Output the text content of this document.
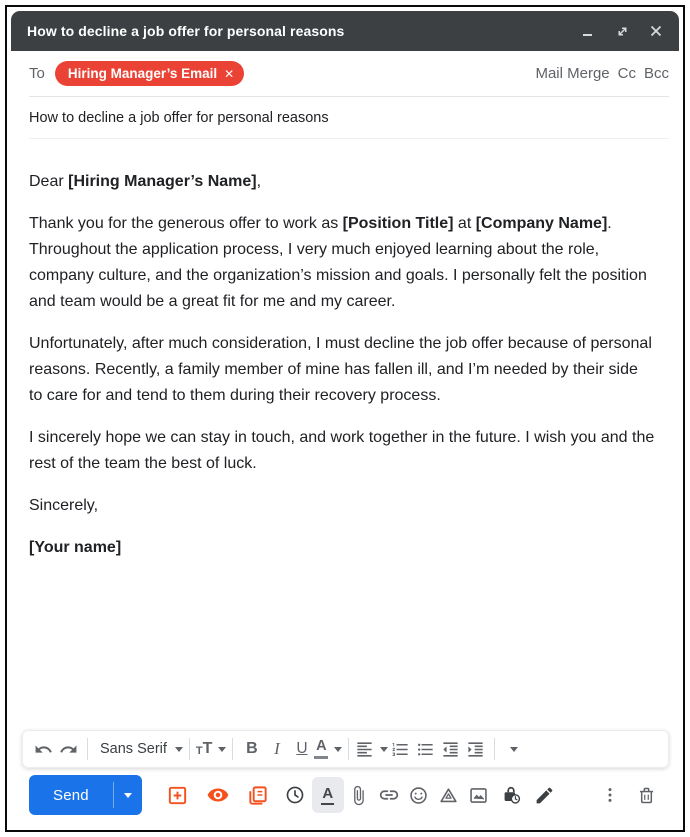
How to decline a job offer for personal reasons
To Hiring Manager’s Email ✕	Mail Merge Cc Bcc
How to decline a job offer for personal reasons

Dear [Hiring Manager’s Name],

Thank you for the generous offer to work as [Position Title] at [Company Name]. Throughout the application process, I very much enjoyed learning about the role, company culture, and the organization’s mission and goals. I personally felt the position and team would be a great fit for me and my career.

Unfortunately, after much consideration, I must decline the job offer because of personal reasons. Recently, a family member of mine has fallen ill, and I’m needed by their side to care for and tend to them during their recovery process.

I sincerely hope we can stay in touch, and work together in the future. I wish you and the rest of the team the best of luck.

Sincerely,

[Your name]

Sans Serif	T T B I U A
Send	A
